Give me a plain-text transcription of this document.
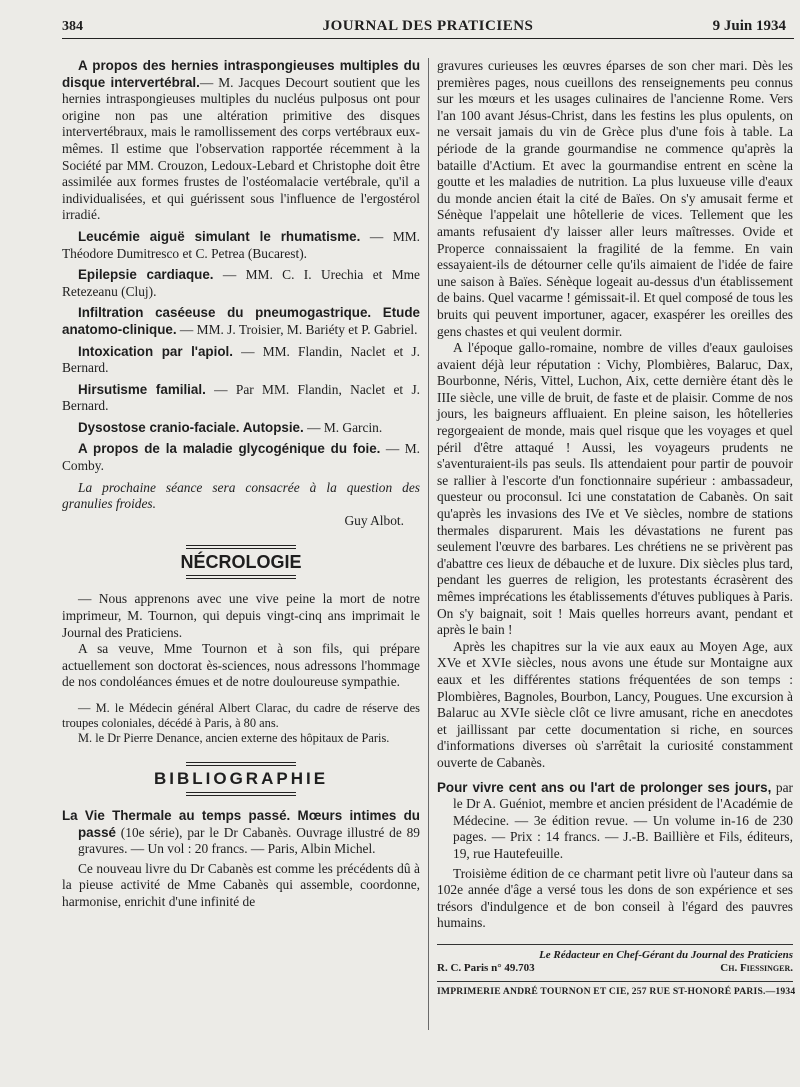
384	JOURNAL DES PRATICIENS	9 Juin 1934

A propos des hernies intraspongieuses multiples du disque intervertébral.— M. Jacques Decourt soutient que les hernies intraspongieuses multiples du nucléus pulposus ont pour origine non pas une altération primitive des disques intervertébraux, mais le ramollissement des corps vertébraux eux-mêmes. Il estime que l'observation rapportée récemment à la Société par MM. Crouzon, Ledoux-Lebard et Christophe doit être assimilée aux formes frustes de l'ostéomalacie vertébrale, qu'il a individualisées, et qui guérissent sous l'influence de l'ergostérol irradié.

Leucémie aiguë simulant le rhumatisme. — MM. Théodore Dumitresco et C. Petrea (Bucarest).

Epilepsie cardiaque. — MM. C. I. Urechia et Mme Retezeanu (Cluj).

Infiltration caséeuse du pneumogastrique. Etude anatomo-clinique. — MM. J. Troisier, M. Bariéty et P. Gabriel.

Intoxication par l'apiol. — MM. Flandin, Naclet et J. Bernard.

Hirsutisme familial. — Par MM. Flandin, Naclet et J. Bernard.

Dysostose cranio-faciale. Autopsie. — M. Garcin.

A propos de la maladie glycogénique du foie. — M. Comby.

La prochaine séance sera consacrée à la question des granulies froides.

Guy Albot.

NÉCROLOGIE

— Nous apprenons avec une vive peine la mort de notre imprimeur, M. Tournon, qui depuis vingt-cinq ans imprimait le Journal des Praticiens.

A sa veuve, Mme Tournon et à son fils, qui prépare actuellement son doctorat ès-sciences, nous adressons l'hommage de nos condoléances émues et de notre douloureuse sympathie.

— M. le Médecin général Albert Clarac, du cadre de réserve des troupes coloniales, décédé à Paris, à 80 ans.

M. le Dr Pierre Denance, ancien externe des hôpitaux de Paris.

BIBLIOGRAPHIE

La Vie Thermale au temps passé. Mœurs intimes du passé (10e série), par le Dr Cabanès. Ouvrage illustré de 89 gravures. — Un vol : 20 francs. — Paris, Albin Michel.

Ce nouveau livre du Dr Cabanès est comme les précédents dû à la pieuse activité de Mme Cabanès qui assemble, coordonne, harmonise, enrichit d'une infinité de

gravures curieuses les œuvres éparses de son cher mari. Dès les premières pages, nous cueillons des renseignements peu connus sur les mœurs et les usages culinaires de l'ancienne Rome. Vers l'an 100 avant Jésus-Christ, dans les festins les plus opulents, on ne versait jamais du vin de Grèce plus d'une fois à table. La période de la grande gourmandise ne commence qu'après la bataille d'Actium. Et avec la gourmandise entrent en scène la goutte et les maladies de nutrition. La plus luxueuse ville d'eaux du monde ancien était la cité de Baïes. On s'y amusait ferme et Sénèque l'appelait une hôtellerie de vices. Tellement que les amants refusaient d'y laisser aller leurs maîtresses. Ovide et Properce connaissaient la fragilité de la femme. En vain essayaient-ils de détourner celle qu'ils aimaient de l'idée de faire une saison à Baïes. Sénèque logeait au-dessus d'un établissement de bains. Quel vacarme ! gémissait-il. Et quel composé de tous les bruits qui peuvent importuner, agacer, exaspérer les oreilles des gens chastes et qui veulent dormir.

A l'époque gallo-romaine, nombre de villes d'eaux gauloises avaient déjà leur réputation : Vichy, Plombières, Balaruc, Dax, Bourbonne, Néris, Vittel, Luchon, Aix, cette dernière étant dès le IIIe siècle, une ville de bruit, de faste et de plaisir. Comme de nos jours, les baigneurs affluaient. En pleine saison, les hôtelleries regorgeaient de monde, mais quel risque que les voyages et quel péril d'être attaqué ! Aussi, les voyageurs prudents ne s'aventuraient-ils pas seuls. Ils attendaient pour partir de pouvoir se rallier à l'escorte d'un fonctionnaire supérieur : ambassadeur, questeur ou proconsul. Ici une constatation de Cabanès. On sait qu'après les invasions des IVe et Ve siècles, nombre de stations thermales disparurent. Mais les dévastations ne furent pas seulement l'œuvre des barbares. Les chrétiens ne se privèrent pas d'abattre ces lieux de débauche et de luxure. Dix siècles plus tard, pendant les guerres de religion, les protestants écrasèrent des mêmes imprécations les établissements d'étuves publiques à Paris. On s'y baignait, soit ! Mais quelles horreurs avant, pendant et après le bain !

Après les chapitres sur la vie aux eaux au Moyen Age, aux XVe et XVIe siècles, nous avons une étude sur Montaigne aux eaux et les différentes stations fréquentées de son temps : Plombières, Bagnoles, Bourbon, Lancy, Pougues. Une excursion à Balaruc au XVIe siècle clôt ce livre amusant, riche en anecdotes et jaillissant par cette documentation si riche, en sources d'informations diverses où s'arrêtait la curiosité constamment ouverte de Cabanès.

Pour vivre cent ans ou l'art de prolonger ses jours, par le Dr A. Guéniot, membre et ancien président de l'Académie de Médecine. — 3e édition revue. — Un volume in-16 de 230 pages. — Prix : 14 francs. — J.-B. Baillière et Fils, éditeurs, 19, rue Hautefeuille.

Troisième édition de ce charmant petit livre où l'auteur dans sa 102e année d'âge a versé tous les dons de son expérience et ses trésors d'indulgence et de bon conseil à l'égard des pauvres humains.

Le Rédacteur en Chef-Gérant du Journal des Praticiens
R. C. Paris n° 49.703	Ch. Fiessinger.
IMPRIMERIE ANDRÉ TOURNON ET CIE, 257 RUE ST-HONORÉ PARIS.—1934
